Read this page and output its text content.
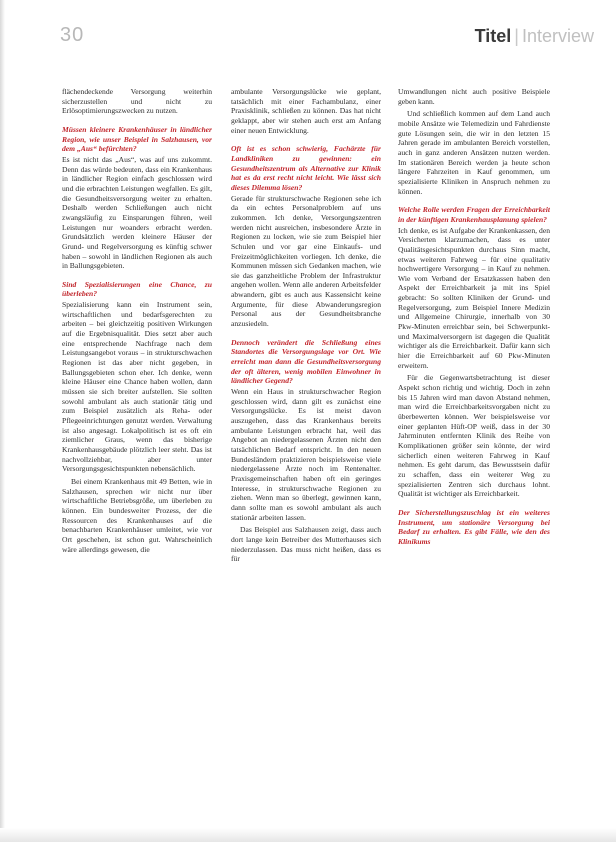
30	Titel | Interview

flächendeckende Versorgung weiterhin sicherzustellen und nicht zu Erlösoptimierungszwecken zu nutzen.

Müssen kleinere Krankenhäuser in ländlicher Region, wie unser Beispiel in Salzhausen, vor dem „Aus“ befürchten?

Es ist nicht das „Aus“, was auf uns zukommt. Denn das würde bedeuten, dass ein Krankenhaus in ländlicher Region einfach geschlossen wird und die erbrachten Leistungen wegfallen. Es gilt, die Gesundheitsversorgung weiter zu erhalten. Deshalb werden Schließungen auch nicht zwangsläufig zu Einsparungen führen, weil Leistungen nur woanders erbracht werden. Grundsätzlich werden kleinere Häuser der Grund- und Regelversorgung es künftig schwer haben – sowohl in ländlichen Regionen als auch in Ballungsgebieten.

Sind Spezialisierungen eine Chance, zu überleben?

Spezialisierung kann ein Instrument sein, wirtschaftlichen und bedarfsgerechten zu arbeiten – bei gleichzeitig positiven Wirkungen auf die Ergebnisqualität. Dies setzt aber auch eine entsprechende Nachfrage nach dem Leistungsangebot voraus – in strukturschwachen Regionen ist das aber nicht gegeben, in Ballungsgebieten schon eher. Ich denke, wenn kleine Häuser eine Chance haben wollen, dann müssen sie sich breiter aufstellen. Sie sollten sowohl ambulant als auch stationär tätig und zum Beispiel zusätzlich als Reha- oder Pflegeeinrichtungen genutzt werden. Verwaltung ist also angesagt. Lokalpolitisch ist es oft ein ziemlicher Graus, wenn das bisherige Krankenhausgebäude plötzlich leer steht. Das ist nachvollziehbar, aber unter Versorgungsgesichtspunkten nebensächlich.

Bei einem Krankenhaus mit 49 Betten, wie in Salzhausen, sprechen wir nicht nur über wirtschaftliche Betriebsgröße, um überleben zu können. Ein bundesweiter Prozess, der die Ressourcen des Krankenhauses auf die benachbarten Krankenhäuser umleitet, wie vor Ort geschehen, ist schon gut. Wahrscheinlich wäre allerdings gewesen, die

ambulante Versorgungslücke wie geplant, tatsächlich mit einer Fachambulanz, einer Praxisklinik, schließen zu können. Das hat nicht geklappt, aber wir stehen auch erst am Anfang einer neuen Entwicklung.

Oft ist es schon schwierig, Fachärzte für Landkliniken zu gewinnen: ein Gesundheitszentrum als Alternative zur Klinik hat es da erst recht nicht leicht. Wie lässt sich dieses Dilemma lösen?

Gerade für strukturschwache Regionen sehe ich da ein echtes Personalproblem auf uns zukommen. Ich denke, Versorgungszentren werden nicht ausreichen, insbesondere Ärzte in Regionen zu locken, wie sie zum Beispiel hier Schulen und vor gar eine Einkaufs- und Freizeitmöglichkeiten vorliegen. Ich denke, die Kommunen müssen sich Gedanken machen, wie sie das ganzheitliche Problem der Infrastruktur angehen wollen. Wenn alle anderen Arbeitsfelder abwandern, gibt es auch aus Kassensicht keine Argumente, für diese Abwanderungsregion Personal aus der Gesundheitsbranche anzusiedeln.

Dennoch verändert die Schließung eines Standortes die Versorgungslage vor Ort. Wie erreicht man dann die Gesundheitsversorgung der oft älteren, wenig mobilen Einwohner in ländlicher Gegend?

Wenn ein Haus in strukturschwacher Region geschlossen wird, dann gilt es zunächst eine Versorgungslücke. Es ist meist davon auszugehen, dass das Krankenhaus bereits ambulante Leistungen erbracht hat, weil das Angebot an niedergelassenen Ärzten nicht den tatsächlichen Bedarf entspricht. In den neuen Bundesländern praktizieren beispielsweise viele niedergelassene Ärzte noch im Rentenalter. Praxisgemeinschaften haben oft ein geringes Interesse, in strukturschwache Regionen zu ziehen. Wenn man so überlegt, gewinnen kann, dann sollte man es sowohl ambulant als auch stationär arbeiten lassen.

Das Beispiel aus Salzhausen zeigt, dass auch dort lange kein Betreiber des Mutterhauses sich niederzulassen. Das muss nicht heißen, dass es für

Umwandlungen nicht auch positive Beispiele geben kann.

Und schließlich kommen auf dem Land auch mobile Ansätze wie Telemedizin und Fahrdienste gute Lösungen sein, die wir in den letzten 15 Jahren gerade im ambulanten Bereich vorstellen, auch in ganz anderen Ansätzen nutzen werden. Im stationären Bereich werden ja heute schon längere Fahrzeiten in Kauf genommen, um spezialisierte Kliniken in Anspruch nehmen zu können.

Welche Rolle werden Fragen der Erreichbarkeit in der künftigen Krankenhausplanung spielen?

Ich denke, es ist Aufgabe der Krankenkassen, den Versicherten klarzumachen, dass es unter Qualitätsgesichtspunkten durchaus Sinn macht, etwas weiteren Fahrweg – für eine qualitativ hochwertigere Versorgung – in Kauf zu nehmen. Wie vom Verband der Ersatzkassen haben den Aspekt der Erreichbarkeit ja mit ins Spiel gebracht: So sollten Kliniken der Grund- und Regelversorgung, zum Beispiel Innere Medizin und Allgemeine Chirurgie, innerhalb von 30 Pkw-Minuten erreichbar sein, bei Schwerpunkt- und Maximalversorgern ist dagegen die Qualität wichtiger als die Erreichbarkeit. Dafür kann sich hier die Erreichbarkeit auf 60 Pkw-Minuten erweitern.

Für die Gegenwartsbetrachtung ist dieser Aspekt schon richtig und wichtig. Doch in zehn bis 15 Jahren wird man davon Abstand nehmen, man wird die Erreichbarkeitsvorgaben nicht zu überbewerten können. Wer beispielsweise vor einer geplanten Hüft-OP weiß, dass in der 30 Jahrminuten entfernten Klinik des Reihe von Komplikationen größer sein könnte, der wird sicherlich einen weiteren Fahrweg in Kauf nehmen. Es geht darum, das Bewusstsein dafür zu schaffen, dass ein weiterer Weg zu spezialisierten Zentren sich durchaus lohnt. Qualität ist wichtiger als Erreichbarkeit.

Der Sicherstellungszuschlag ist ein weiteres Instrument, um stationäre Versorgung bei Bedarf zu erhalten. Es gibt Fälle, wie den des Klinikums
